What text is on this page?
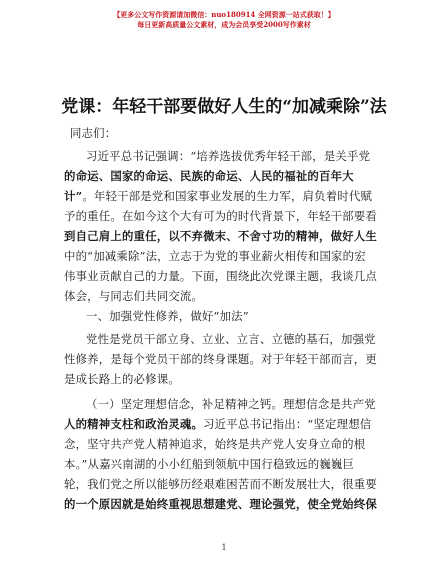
【更多公文写作资源请加微信：nuo180914 全网资源一站式获取！】
每日更新高质量公文素材，成为会员享受2000写作素材
党课：年轻干部要做好人生的“加减乘除”法
同志们：
习近平总书记强调：“培养选拔优秀年轻干部，是关乎党
的命运、国家的命运、民族的命运、人民的福祉的百年大
计”。年轻干部是党和国家事业发展的生力军，肩负着时代赋
予的重任。在如今这个大有可为的时代背景下，年轻干部要看
到自己肩上的重任，以不弃微末、不舍寸功的精神，做好人生
中的“加减乘除”法，立志于为党的事业薪火相传和国家的宏
伟事业贡献自己的力量。下面，围绕此次党课主题，我谈几点
体会，与同志们共同交流。
一、加强党性修养，做好“加法”
党性是党员干部立身、立业、立言、立德的基石，加强党
性修养，是每个党员干部的终身课题。对于年轻干部而言，更
是成长路上的必修课。
（一）坚定理想信念，补足精神之钙。理想信念是共产党
人的精神支柱和政治灵魂。习近平总书记指出：“坚定理想信
念，坚守共产党人精神追求，始终是共产党人安身立命的根
本。”从嘉兴南湖的小小红船到领航中国行稳致远的巍巍巨
轮，我们党之所以能够历经艰难困苦而不断发展壮大，很重要
的一个原因就是始终重视思想建党、理论强党，使全党始终保
1
